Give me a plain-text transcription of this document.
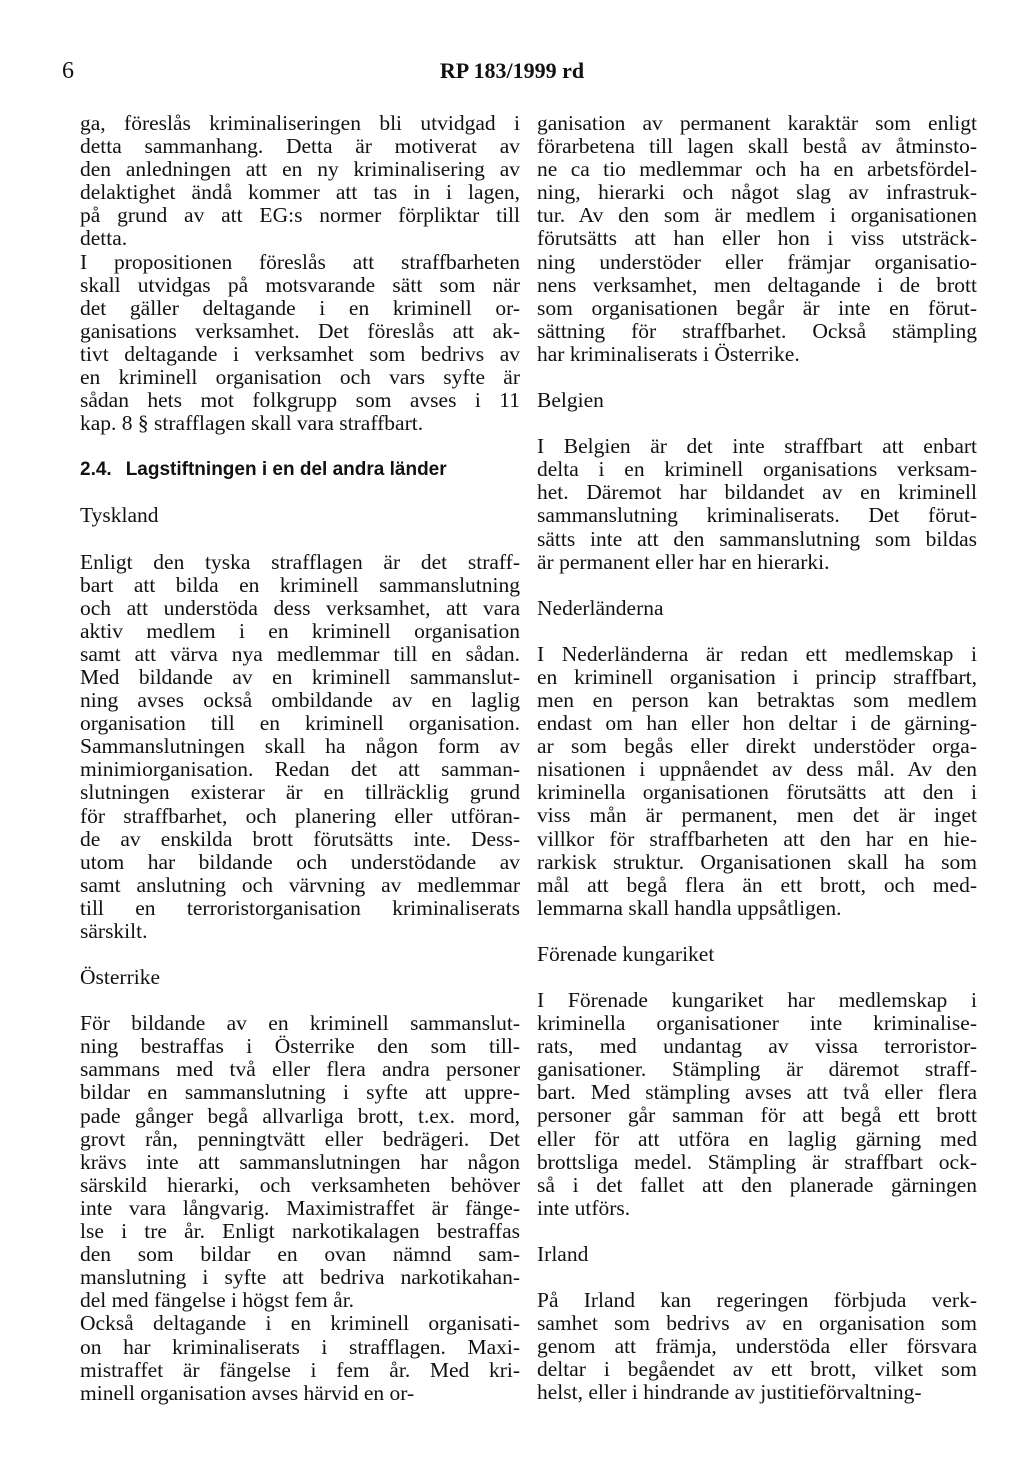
6	RP 183/1999 rd
ga, föreslås kriminaliseringen bli utvidgad i
detta sammanhang. Detta är motiverat av
den anledningen att en ny kriminalisering av
delaktighet ändå kommer att tas in i lagen,
på grund av att EG:s normer förpliktar till
detta.
I propositionen föreslås att straffbarheten
skall utvidgas på motsvarande sätt som när
det gäller deltagande i en kriminell or-
ganisations verksamhet. Det föreslås att ak-
tivt deltagande i verksamhet som bedrivs av
en kriminell organisation och vars syfte är
sådan hets mot folkgrupp som avses i 11
kap. 8 § strafflagen skall vara straffbart.
2.4. Lagstiftningen i en del andra länder
Tyskland
Enligt den tyska strafflagen är det straff-
bart att bilda en kriminell sammanslutning
och att understöda dess verksamhet, att vara
aktiv medlem i en kriminell organisation
samt att värva nya medlemmar till en sådan.
Med bildande av en kriminell sammanslut-
ning avses också ombildande av en laglig
organisation till en kriminell organisation.
Sammanslutningen skall ha någon form av
minimiorganisation. Redan det att samman-
slutningen existerar är en tillräcklig grund
för straffbarhet, och planering eller utföran-
de av enskilda brott förutsätts inte. Dess-
utom har bildande och understödande av
samt anslutning och värvning av medlemmar
till en terroristorganisation kriminaliserats
särskilt.
Österrike
För bildande av en kriminell sammanslut-
ning bestraffas i Österrike den som till-
sammans med två eller flera andra personer
bildar en sammanslutning i syfte att uppre-
pade gånger begå allvarliga brott, t.ex. mord,
grovt rån, penningtvätt eller bedrägeri. Det
krävs inte att sammanslutningen har någon
särskild hierarki, och verksamheten behöver
inte vara långvarig. Maximistraffet är fänge-
lse i tre år. Enligt narkotikalagen bestraffas
den som bildar en ovan nämnd sam-
manslutning i syfte att bedriva narkotikahan-
del med fängelse i högst fem år.
Också deltagande i en kriminell organisati-
on har kriminaliserats i strafflagen. Maxi-
mistraffet är fängelse i fem år. Med kri-
minell organisation avses härvid en or-
ganisation av permanent karaktär som enligt
förarbetena till lagen skall bestå av åtminsto-
ne ca tio medlemmar och ha en arbetsfördel-
ning, hierarki och något slag av infrastruk-
tur. Av den som är medlem i organisationen
förutsätts att han eller hon i viss utsträck-
ning understöder eller främjar organisatio-
nens verksamhet, men deltagande i de brott
som organisationen begår är inte en förut-
sättning för straffbarhet. Också stämpling
har kriminaliserats i Österrike.
Belgien
I Belgien är det inte straffbart att enbart
delta i en kriminell organisations verksam-
het. Däremot har bildandet av en kriminell
sammanslutning kriminaliserats. Det förut-
sätts inte att den sammanslutning som bildas
är permanent eller har en hierarki.
Nederländerna
I Nederländerna är redan ett medlemskap i
en kriminell organisation i princip straffbart,
men en person kan betraktas som medlem
endast om han eller hon deltar i de gärning-
ar som begås eller direkt understöder orga-
nisationen i uppnåendet av dess mål. Av den
kriminella organisationen förutsätts att den i
viss mån är permanent, men det är inget
villkor för straffbarheten att den har en hie-
rarkisk struktur. Organisationen skall ha som
mål att begå flera än ett brott, och med-
lemmarna skall handla uppsåtligen.
Förenade kungariket
I Förenade kungariket har medlemskap i
kriminella organisationer inte kriminalise-
rats, med undantag av vissa terroristor-
ganisationer. Stämpling är däremot straff-
bart. Med stämpling avses att två eller flera
personer går samman för att begå ett brott
eller för att utföra en laglig gärning med
brottsliga medel. Stämpling är straffbart ock-
så i det fallet att den planerade gärningen
inte utförs.
Irland
På Irland kan regeringen förbjuda verk-
samhet som bedrivs av en organisation som
genom att främja, understöda eller försvara
deltar i begåendet av ett brott, vilket som
helst, eller i hindrande av justitieförvaltning-
